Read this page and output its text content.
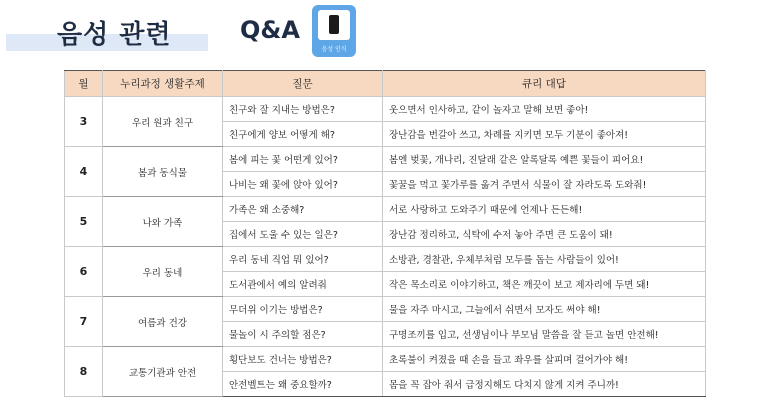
음성 관련	Q&A
음성 인식
월	누리과정 생활주제	질문	큐리 대답
3	우리 원과 친구	친구와 잘 지내는 방법은?	웃으면서 인사하고, 같이 놀자고 말해 보면 좋아!
		친구에게 양보 어떻게 해?	장난감을 번갈아 쓰고, 차례를 지키면 모두 기분이 좋아져!
4	봄과 동식물	봄에 피는 꽃 어떤게 있어?	봄엔 벚꽃, 개나리, 진달래 같은 알록달록 예쁜 꽃들이 피어요!
		나비는 왜 꽃에 앉아 있어?	꽃꿀을 먹고 꽃가루를 옮겨 주면서 식물이 잘 자라도록 도와줘!
5	나와 가족	가족은 왜 소중해?	서로 사랑하고 도와주기 때문에 언제나 든든해!
		집에서 도울 수 있는 일은?	장난감 정리하고, 식탁에 수저 놓아 주면 큰 도움이 돼!
6	우리 동네	우리 동네 직업 뭐 있어?	소방관, 경찰관, 우체부처럼 모두를 돕는 사람들이 있어!
		도서관에서 예의 알려줘	작은 목소리로 이야기하고, 책은 깨끗이 보고 제자리에 두면 돼!
7	여름과 건강	무더위 이기는 방법은?	물을 자주 마시고, 그늘에서 쉬면서 모자도 써야 해!
		물놀이 시 주의할 점은?	구명조끼를 입고, 선생님이나 부모님 말씀을 잘 듣고 놀면 안전해!
8	교통기관과 안전	횡단보도 건너는 방법은?	초록불이 켜졌을 때 손을 들고 좌우를 살피며 걸어가야 해!
		안전벨트는 왜 중요할까?	몸을 꼭 잡아 줘서 급정지해도 다치지 않게 지켜 주니까!
